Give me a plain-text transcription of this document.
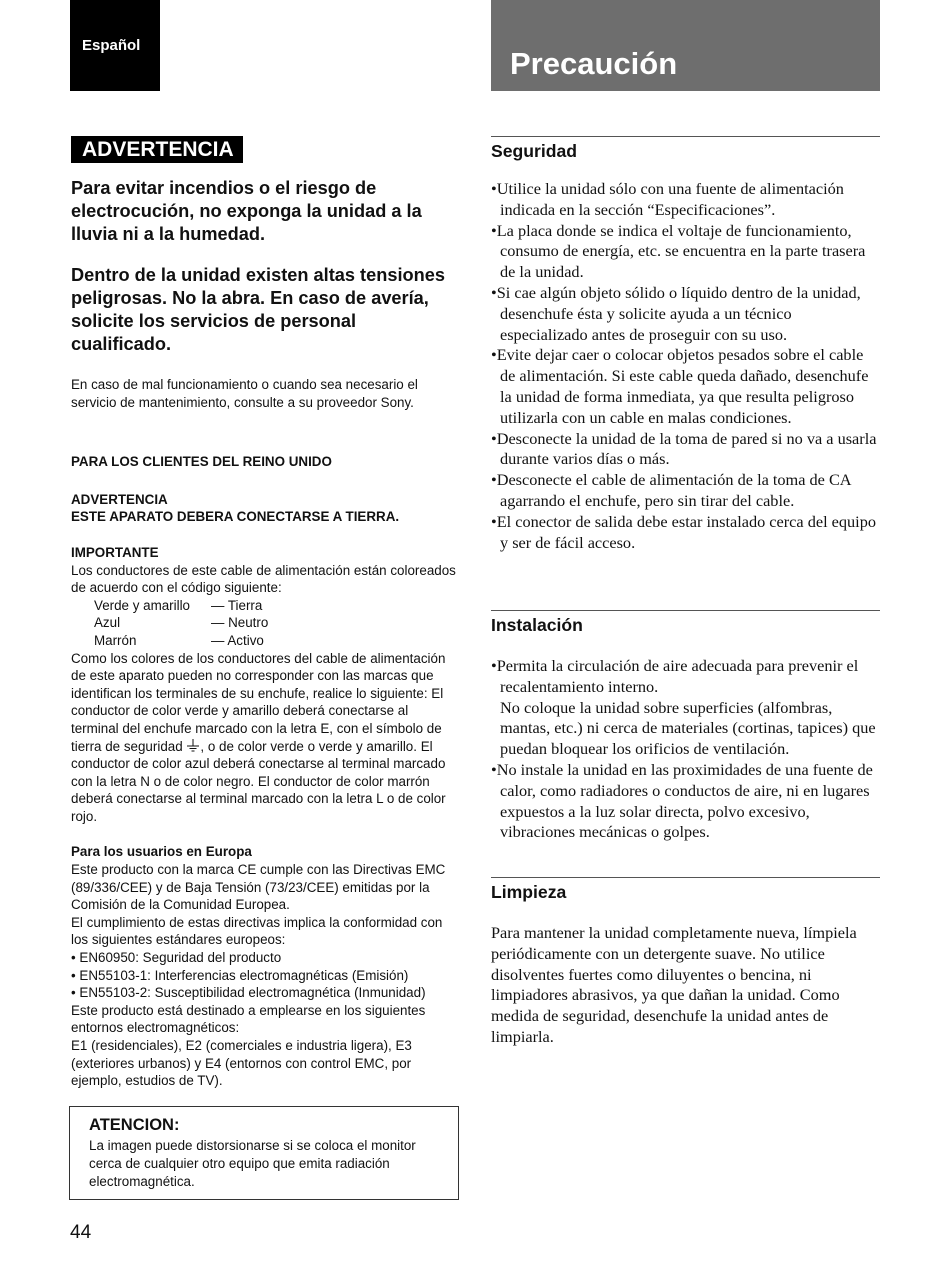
Español
Precaución
ADVERTENCIA

Para evitar incendios o el riesgo de electrocución, no exponga la unidad a la lluvia ni a la humedad.

Dentro de la unidad existen altas tensiones peligrosas. No la abra. En caso de avería, solicite los servicios de personal cualificado.

En caso de mal funcionamiento o cuando sea necesario el servicio de mantenimiento, consulte a su proveedor Sony.

PARA LOS CLIENTES DEL REINO UNIDO

ADVERTENCIA

ESTE APARATO DEBERA CONECTARSE A TIERRA.

IMPORTANTE

Los conductores de este cable de alimentación están coloreados de acuerdo con el código siguiente:

Verde y amarillo	— Tierra
Azul	— Neutro
Marrón	— Activo

Como los colores de los conductores del cable de alimentación de este aparato pueden no corresponder con las marcas que identifican los terminales de su enchufe, realice lo siguiente: El conductor de color verde y amarillo deberá conectarse al terminal del enchufe marcado con la letra E, con el símbolo de tierra de seguridad , o de color verde o verde y amarillo. El conductor de color azul deberá conectarse al terminal marcado con la letra N o de color negro. El conductor de color marrón deberá conectarse al terminal marcado con la letra L o de color rojo.

Para los usuarios en Europa

Este producto con la marca CE cumple con las Directivas EMC (89/336/CEE) y de Baja Tensión (73/23/CEE) emitidas por la Comisión de la Comunidad Europea.

El cumplimiento de estas directivas implica la conformidad con los siguientes estándares europeos:

• EN60950: Seguridad del producto
• EN55103-1: Interferencias electromagnéticas (Emisión)
• EN55103-2: Susceptibilidad electromagnética (Inmunidad)

Este producto está destinado a emplearse en los siguientes entornos electromagnéticos:

E1 (residenciales), E2 (comerciales e industria ligera), E3 (exteriores urbanos) y E4 (entornos con control EMC, por ejemplo, estudios de TV).

ATENCION:
La imagen puede distorsionarse si se coloca el monitor cerca de cualquier otro equipo que emita radiación electromagnética.
44
Seguridad
• Utilice la unidad sólo con una fuente de alimentación indicada en la sección “Especificaciones”.
• La placa donde se indica el voltaje de funcionamiento, consumo de energía, etc. se encuentra en la parte trasera de la unidad.
• Si cae algún objeto sólido o líquido dentro de la unidad, desenchufe ésta y solicite ayuda a un técnico especializado antes de proseguir con su uso.
• Evite dejar caer o colocar objetos pesados sobre el cable de alimentación. Si este cable queda dañado, desenchufe la unidad de forma inmediata, ya que resulta peligroso utilizarla con un cable en malas condiciones.
• Desconecte la unidad de la toma de pared si no va a usarla durante varios días o más.
• Desconecte el cable de alimentación de la toma de CA agarrando el enchufe, pero sin tirar del cable.
• El conector de salida debe estar instalado cerca del equipo y ser de fácil acceso.
Instalación
• Permita la circulación de aire adecuada para prevenir el recalentamiento interno.
No coloque la unidad sobre superficies (alfombras, mantas, etc.) ni cerca de materiales (cortinas, tapices) que puedan bloquear los orificios de ventilación.
• No instale la unidad en las proximidades de una fuente de calor, como radiadores o conductos de aire, ni en lugares expuestos a la luz solar directa, polvo excesivo, vibraciones mecánicas o golpes.
Limpieza

Para mantener la unidad completamente nueva, límpiela periódicamente con un detergente suave. No utilice disolventes fuertes como diluyentes o bencina, ni limpiadores abrasivos, ya que dañan la unidad. Como medida de seguridad, desenchufe la unidad antes de limpiarla.
